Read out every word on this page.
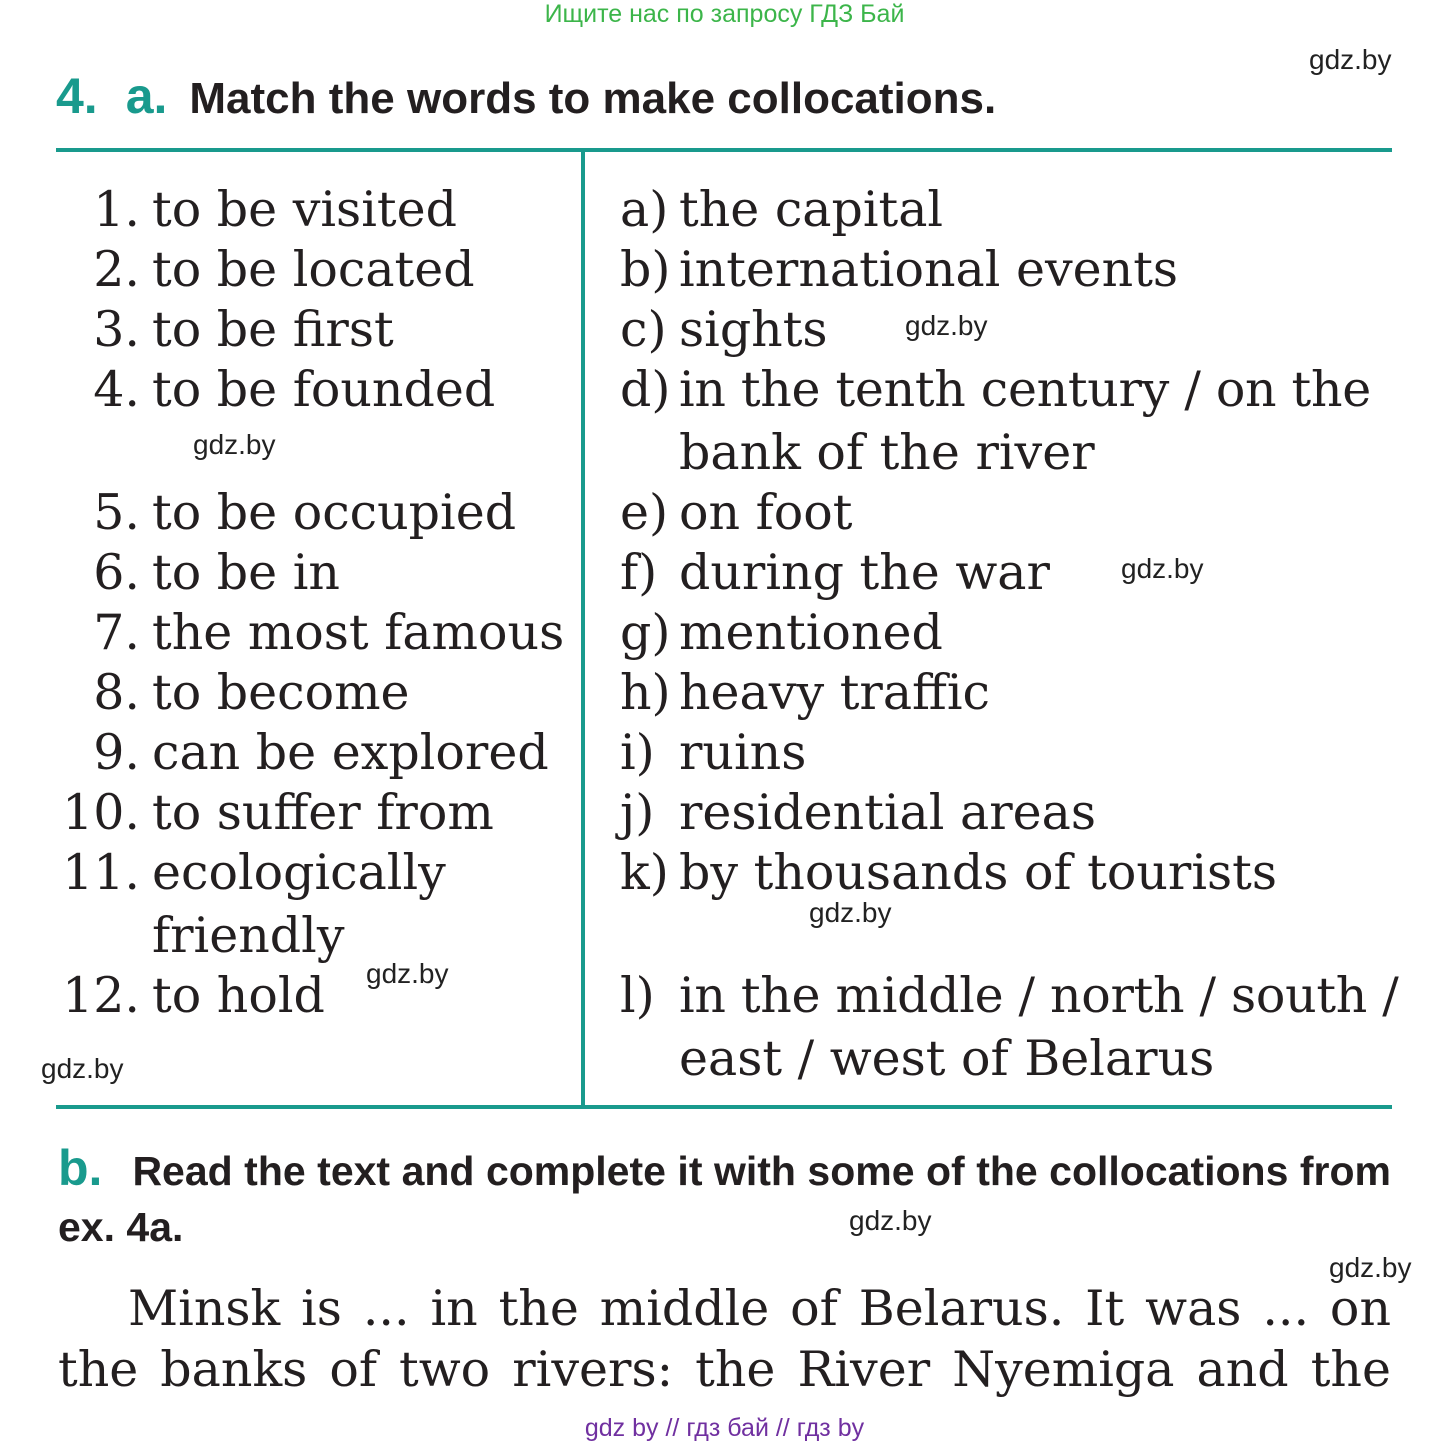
Ищите нас по запросу ГДЗ Бай
4. a. Match the words to make collocations.
1. to be visited
2. to be located
3. to be first
4. to be founded
5. to be occupied
6. to be in
7. the most famous
8. to become
9. can be explored
10. to suffer from
11. ecologically
friendly
12. to hold
a) the capital
b) international events
c) sights
d) in the tenth century / on the
bank of the river
e) on foot
f) during the war
g) mentioned
h) heavy traffic
i) ruins
j) residential areas
k) by thousands of tourists
l) in the middle / north / south /
east / west of Belarus
gdz.by
gdz.by
gdz.by
gdz.by
gdz.by
gdz.by
gdz.by
gdz.by
gdz.by
b. Read the text and complete it with some of the collocations from ex. 4a.
Minsk is ... in the middle of Belarus. It was ... on
the banks of two rivers: the River Nyemiga and the
gdz by // гдз бай // гдз by
